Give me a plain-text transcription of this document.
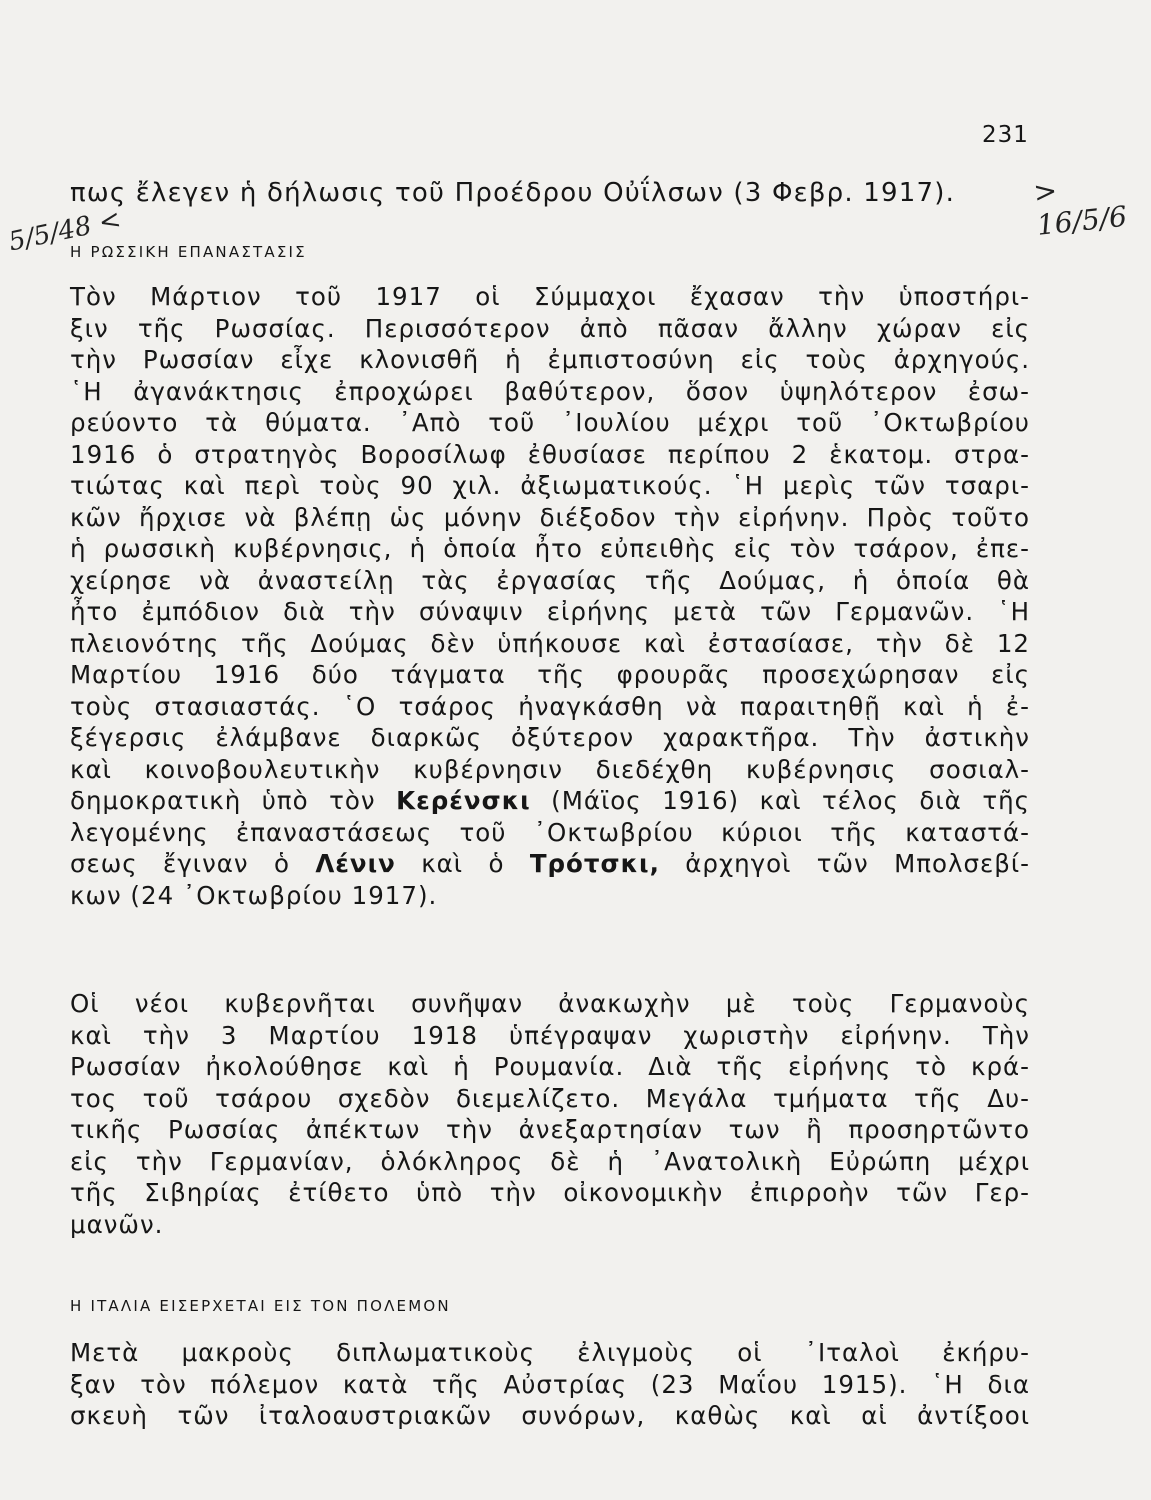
231
πως ἔλεγεν ἡ δήλωσις τοῦ Προέδρου Οὐΐλσων (3 Φεβρ. 1917).	> 16/5/6
5/5/48 <
Η ΡΩΣΣΙΚΗ ΕΠΑΝΑΣΤΑΣΙΣ
Τὸν Μάρτιον τοῦ 1917 οἱ Σύμμαχοι ἔχασαν τὴν ὑποστήρι-
ξιν τῆς Ρωσσίας. Περισσότερον ἀπὸ πᾶσαν ἄλλην χώραν εἰς
τὴν Ρωσσίαν εἶχε κλονισθῆ ἡ ἐμπιστοσύνη εἰς τοὺς ἀρχηγούς.
῾Η ἀγανάκτησις ἐπροχώρει βαθύτερον, ὅσον ὑψηλότερον ἐσω-
ρεύοντο τὰ θύματα. ᾿Απὸ τοῦ ᾿Ιουλίου μέχρι τοῦ ᾿Οκτωβρίου
1916 ὁ στρατηγὸς Βοροσίλωφ ἐθυσίασε περίπου 2 ἑκατομ. στρα-
τιώτας καὶ περὶ τοὺς 90 χιλ. ἀξιωματικούς. ῾Η μερὶς τῶν τσαρι-
κῶν ἤρχισε νὰ βλέπῃ ὡς μόνην διέξοδον τὴν εἰρήνην. Πρὸς τοῦτο
ἡ ρωσσικὴ κυβέρνησις, ἡ ὁποία ἦτο εὐπειθὴς εἰς τὸν τσάρον, ἐπε-
χείρησε νὰ ἀναστείλῃ τὰς ἐργασίας τῆς Δούμας, ἡ ὁποία θὰ
ἦτο ἐμπόδιον διὰ τὴν σύναψιν εἰρήνης μετὰ τῶν Γερμανῶν. ῾Η
πλειονότης τῆς Δούμας δὲν ὑπήκουσε καὶ ἐστασίασε, τὴν δὲ 12
Μαρτίου 1916 δύο τάγματα τῆς φρουρᾶς προσεχώρησαν εἰς
τοὺς στασιαστάς. ῾Ο τσάρος ἠναγκάσθη νὰ παραιτηθῇ καὶ ἡ ἐ-
ξέγερσις ἐλάμβανε διαρκῶς ὀξύτερον χαρακτῆρα. Τὴν ἀστικὴν
καὶ κοινοβουλευτικὴν κυβέρνησιν διεδέχθη κυβέρνησις σοσιαλ-
δημοκρατικὴ ὑπὸ τὸν Κερένσκι (Μάϊος 1916) καὶ τέλος διὰ τῆς
λεγομένης ἐπαναστάσεως τοῦ ᾿Οκτωβρίου κύριοι τῆς καταστά-
σεως ἔγιναν ὁ Λένιν καὶ ὁ Τρότσκι, ἀρχηγοὶ τῶν Μπολσεβί-
κων (24 ᾿Οκτωβρίου 1917).
Οἱ νέοι κυβερνῆται συνῆψαν ἀνακωχὴν μὲ τοὺς Γερμανοὺς
καὶ τὴν 3 Μαρτίου 1918 ὑπέγραψαν χωριστὴν εἰρήνην. Τὴν
Ρωσσίαν ἠκολούθησε καὶ ἡ Ρουμανία. Διὰ τῆς εἰρήνης τὸ κρά-
τος τοῦ τσάρου σχεδὸν διεμελίζετο. Μεγάλα τμήματα τῆς Δυ-
τικῆς Ρωσσίας ἀπέκτων τὴν ἀνεξαρτησίαν των ἢ προσηρτῶντο
εἰς τὴν Γερμανίαν, ὁλόκληρος δὲ ἡ ᾿Ανατολικὴ Εὐρώπη μέχρι
τῆς Σιβηρίας ἐτίθετο ὑπὸ τὴν οἰκονομικὴν ἐπιρροὴν τῶν Γερ-
μανῶν.
Η ΙΤΑΛΙΑ ΕΙΣΕΡΧΕΤΑΙ ΕΙΣ ΤΟΝ ΠΟΛΕΜΟΝ
Μετὰ μακροὺς διπλωματικοὺς ἐλιγμοὺς οἱ ᾿Ιταλοὶ ἐκήρυ-
ξαν τὸν πόλεμον κατὰ τῆς Αὐστρίας (23 Μαΐου 1915). ῾Η δια
σκευὴ τῶν ἰταλοαυστριακῶν συνόρων, καθὼς καὶ αἱ ἀντίξοοι
